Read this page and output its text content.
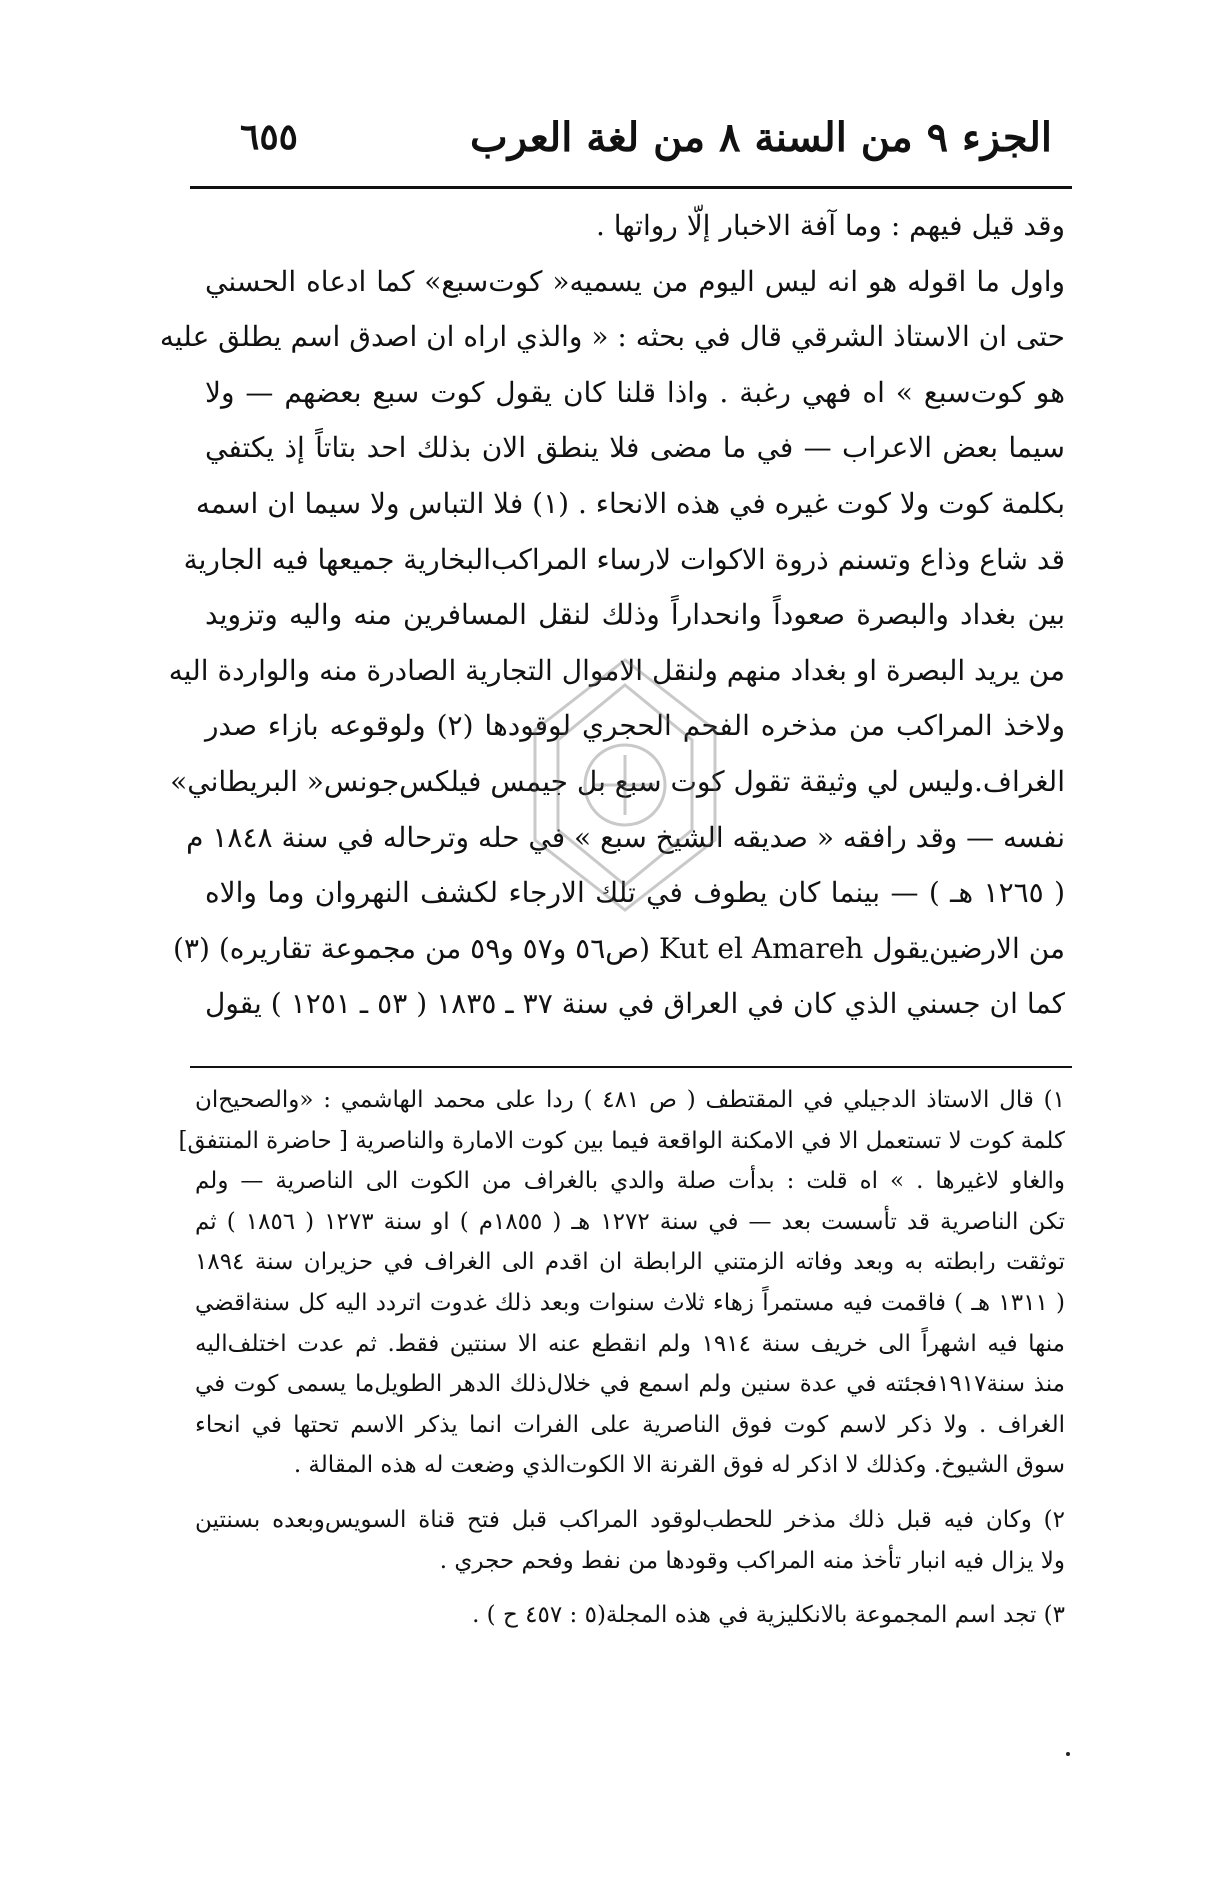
الجزء ٩ من السنة ٨ من لغة العرب
٦٥٥
وقد قيل فيهم : وما آفة الاخبار إلّا رواتها .
واول ما اقوله هو انه ليس اليوم من يسميه« كوت‌سبع» كما ادعاه الحسني
حتى ان الاستاذ الشرقي قال في بحثه : « والذي اراه ان اصدق اسم يطلق عليه
هو كوت‌سبع » اه فهي رغبة . واذا قلنا كان يقول كوت سبع بعضهم — ولا
سيما بعض الاعراب — في ما مضى فلا ينطق الان بذلك احد بتاتاً إذ يكتفي
بكلمة كوت ولا كوت غيره في هذه الانحاء . (١) فلا التباس ولا سيما ان اسمه
قد شاع وذاع وتسنم ذروة الاكوات لارساء المراكب‌البخارية جميعها فيه الجارية
بين بغداد والبصرة صعوداً وانحداراً وذلك لنقل المسافرين منه واليه وتزويد
من يريد البصرة او بغداد منهم ولنقل الاموال التجارية الصادرة منه والواردة اليه
ولاخذ المراكب من مذخره الفحم الحجري لوقودها (٢) ولوقوعه بازاء صدر
الغراف.وليس لي وثيقة تقول كوت سبع بل جيمس فيلكس‌جونس« البريطاني»
نفسه — وقد رافقه « صديقه الشيخ سبع » في حله وترحاله في سنة ١٨٤٨ م
( ١٢٦٥ هـ ) — بينما كان يطوف في تلك الارجاء لكشف النهروان وما والاه
من الارضين‌يقول Kut el Amareh (ص٥٦ و٥٧ و٥٩ من مجموعة تقاريره) (٣)
كما ان جسني الذي كان في العراق في سنة ٣٧ ـ ١٨٣٥ ( ٥٣ ـ ١٢٥١ ) يقول
١) قال الاستاذ الدجيلي في المقتطف ( ص ٤٨١ ) ردا على محمد الهاشمي : «والصحيح‌ان
كلمة كوت لا تستعمل الا في الامكنة الواقعة فيما بين كوت الامارة والناصرية [ حاضرة المنتفق]
والغاو لاغيرها . » اه قلت : بدأت صلة والدي بالغراف من الكوت الى الناصرية — ولم
تكن الناصرية قد تأسست بعد — في سنة ١٢٧٢ هـ ( ١٨٥٥م ) او سنة ١٢٧٣ ( ١٨٥٦ ) ثم
توثقت رابطته به وبعد وفاته الزمتني الرابطة ان اقدم الى الغراف في حزيران سنة ١٨٩٤
( ١٣١١ هـ ) فاقمت فيه مستمراً زهاء ثلاث سنوات وبعد ذلك غدوت اتردد اليه كل سنة‌اقضي
منها فيه اشهراً الى خريف سنة ١٩١٤ ولم انقطع عنه الا سنتين فقط. ثم عدت اختلف‌اليه
منذ سنة١٩١٧فجئته في عدة سنين ولم اسمع في خلال‌ذلك الدهر الطويل‌ما يسمى كوت في
الغراف . ولا ذكر لاسم كوت فوق الناصرية على الفرات انما يذكر الاسم تحتها في انحاء
سوق الشيوخ. وكذلك لا اذكر له فوق القرنة الا الكوت‌الذي وضعت له هذه المقالة .
٢) وكان فيه قبل ذلك مذخر للحطب‌لوقود المراكب قبل فتح قناة السويس‌وبعده بسنتين
ولا يزال فيه انبار تأخذ منه المراكب وقودها من نفط وفحم حجري .
٣) تجد اسم المجموعة بالانكليزية في هذه المجلة(٥ : ٤٥٧ ح ) .
